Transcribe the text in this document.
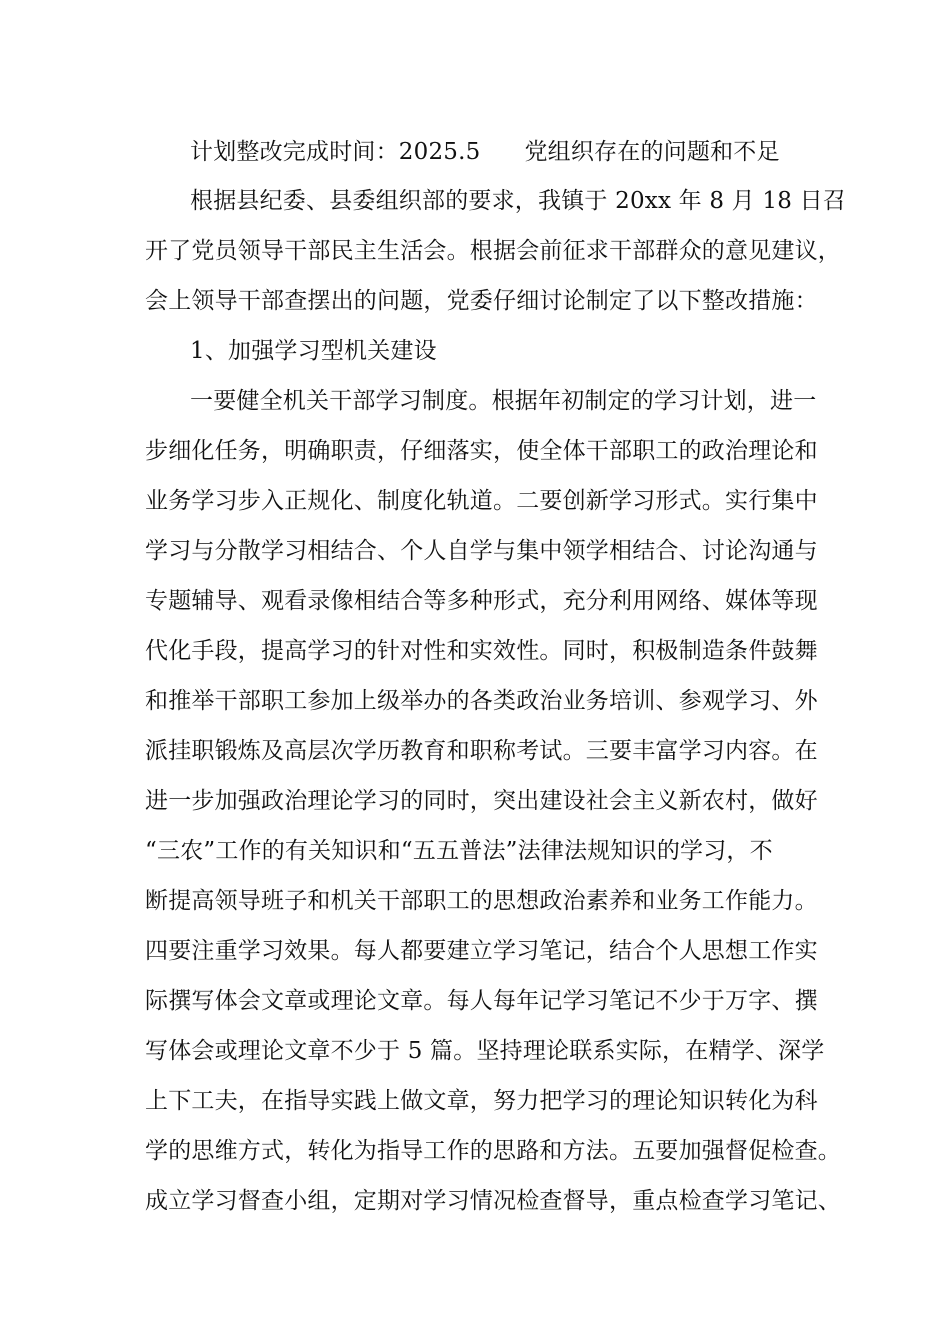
计划整改完成时间：2025.5 党组织存在的问题和不足
根据县纪委、县委组织部的要求，我镇于 20xx 年 8 月 18 日召
开了党员领导干部民主生活会。根据会前征求干部群众的意见建议，
会上领导干部查摆出的问题，党委仔细讨论制定了以下整改措施：
1、加强学习型机关建设
一要健全机关干部学习制度。根据年初制定的学习计划，进一
步细化任务，明确职责，仔细落实，使全体干部职工的政治理论和
业务学习步入正规化、制度化轨道。二要创新学习形式。实行集中
学习与分散学习相结合、个人自学与集中领学相结合、讨论沟通与
专题辅导、观看录像相结合等多种形式，充分利用网络、媒体等现
代化手段，提高学习的针对性和实效性。同时，积极制造条件鼓舞
和推举干部职工参加上级举办的各类政治业务培训、参观学习、外
派挂职锻炼及高层次学历教育和职称考试。三要丰富学习内容。在
进一步加强政治理论学习的同时，突出建设社会主义新农村，做好
“三农”工作的有关知识和“五五普法”法律法规知识的学习，不
断提高领导班子和机关干部职工的思想政治素养和业务工作能力。
四要注重学习效果。每人都要建立学习笔记，结合个人思想工作实
际撰写体会文章或理论文章。每人每年记学习笔记不少于万字、撰
写体会或理论文章不少于 5 篇。坚持理论联系实际，在精学、深学
上下工夫，在指导实践上做文章，努力把学习的理论知识转化为科
学的思维方式，转化为指导工作的思路和方法。五要加强督促检查。
成立学习督查小组，定期对学习情况检查督导，重点检查学习笔记、
